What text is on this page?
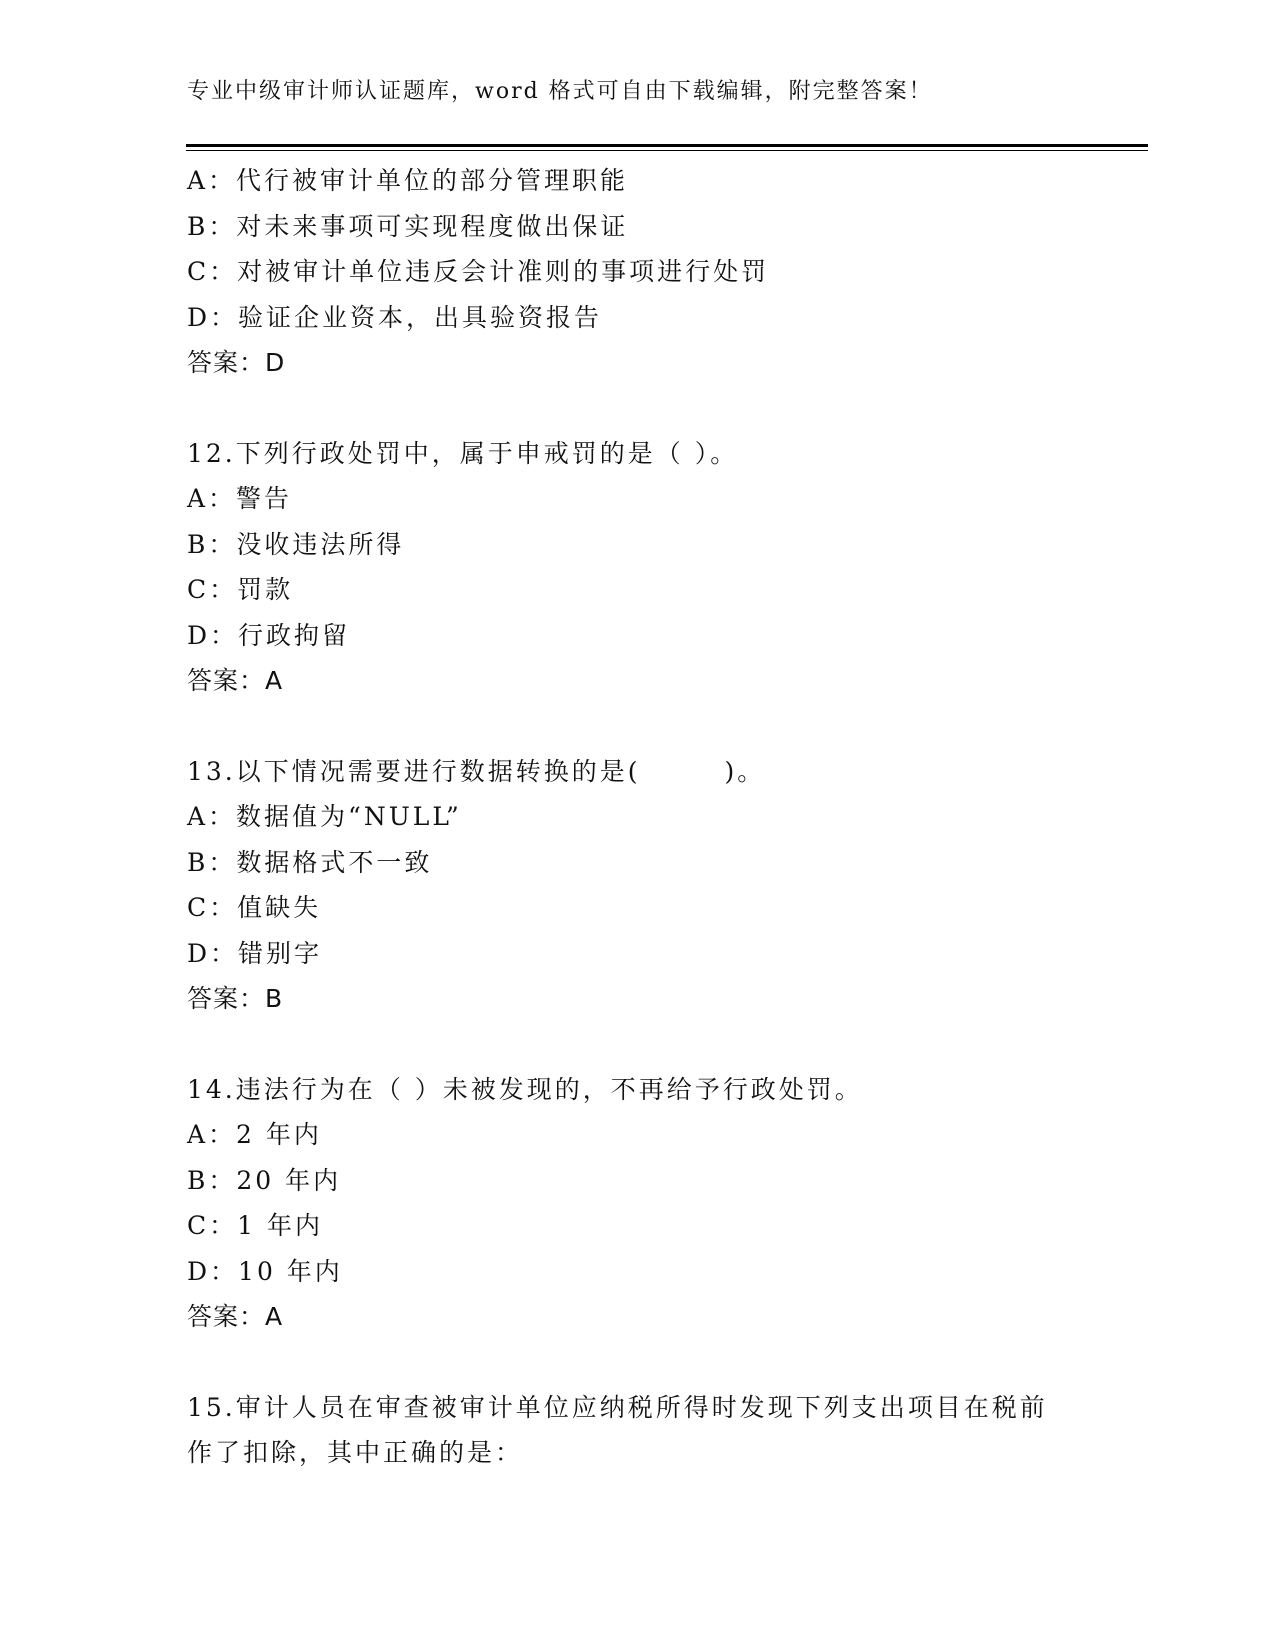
专业中级审计师认证题库，word 格式可自由下载编辑，附完整答案！
A：代行被审计单位的部分管理职能
B：对未来事项可实现程度做出保证
C：对被审计单位违反会计准则的事项进行处罚
D：验证企业资本，出具验资报告
答案：D
12.下列行政处罚中，属于申戒罚的是（ ）。
A：警告
B：没收违法所得
C：罚款
D：行政拘留
答案：A
13.以下情况需要进行数据转换的是(　　　)。
A：数据值为“NULL”
B：数据格式不一致
C：值缺失
D：错别字
答案：B
14.违法行为在（ ）未被发现的，不再给予行政处罚。
A：2 年内
B：20 年内
C：1 年内
D：10 年内
答案：A
15.审计人员在审查被审计单位应纳税所得时发现下列支出项目在税前
作了扣除，其中正确的是：
